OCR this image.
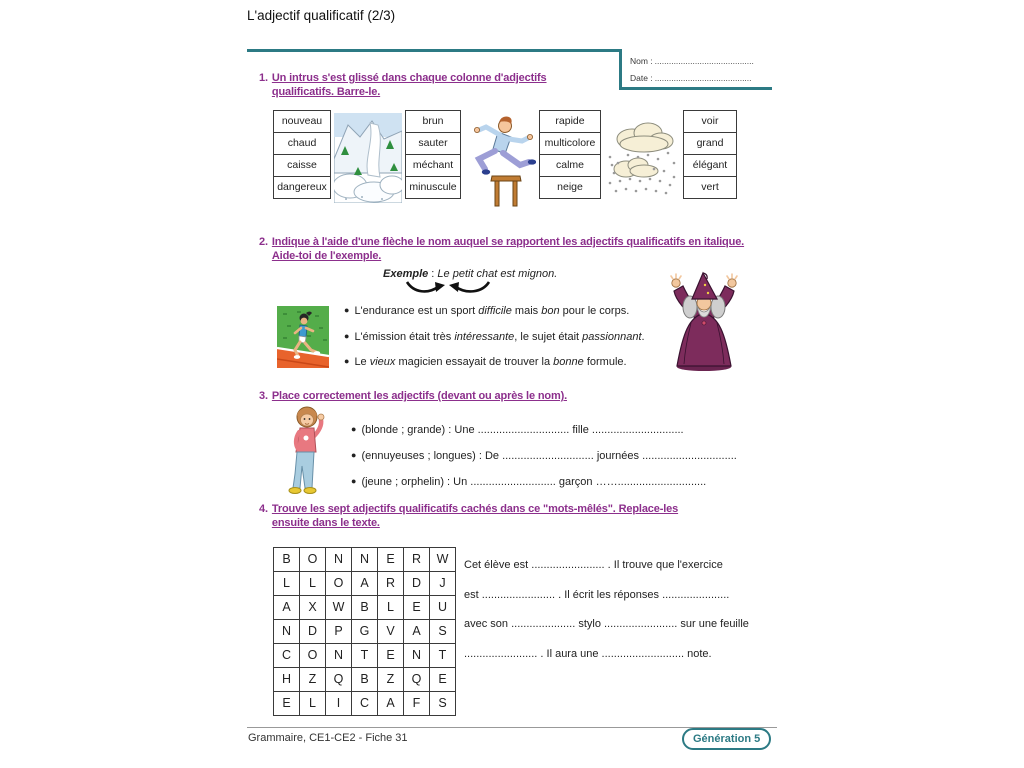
L'adjectif qualificatif (2/3)
Nom : ..........................................
Date : .........................................
1. Un intrus s'est glissé dans chaque colonne d'adjectifs qualificatifs. Barre-le.
nouveau
chaud
caisse
dangereux
brun
sauter
méchant
minuscule
rapide
multicolore
calme
neige
voir
grand
élégant
vert
2. Indique à l'aide d'une flèche le nom auquel se rapportent les adjectifs qualificatifs en italique. Aide-toi de l'exemple.
Exemple : Le petit chat est mignon.
● L'endurance est un sport difficile mais bon pour le corps.
● L'émission était très intéressante, le sujet était passionnant.
● Le vieux magicien essayait de trouver la bonne formule.
3. Place correctement les adjectifs (devant ou après le nom).
● (blonde ; grande) : Une .............................. fille ..............................
● (ennuyeuses ; longues) : De .............................. journées ...............................
● (jeune ; orphelin) : Un ............................ garçon …….............................
4. Trouve les sept adjectifs qualificatifs cachés dans ce "mots-mêlés". Replace-les ensuite dans le texte.
B	O	N	N	E	R	W
L	L	O	A	R	D	J
A	X	W	B	L	E	U
N	D	P	G	V	A	S
C	O	N	T	E	N	T
H	Z	Q	B	Z	Q	E
E	L	I	C	A	F	S
Cet élève est ........................ . Il trouve que l'exercice
est ........................ . Il écrit les réponses ......................
avec son ..................... stylo ........................ sur une feuille
........................ . Il aura une ........................... note.
Grammaire, CE1-CE2 - Fiche 31	Génération 5
